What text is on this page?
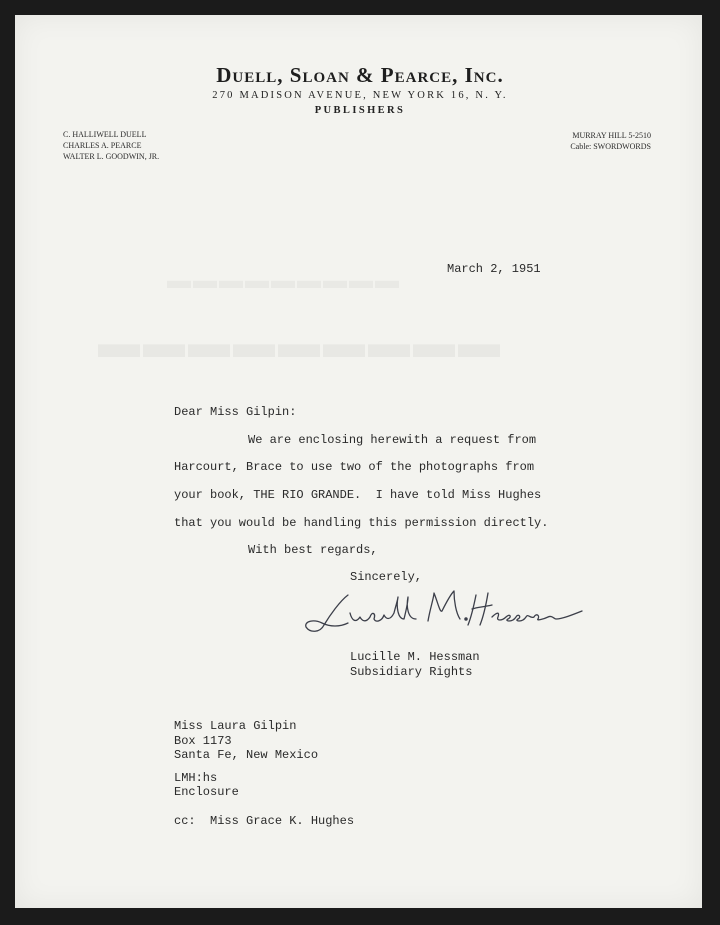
Duell, Sloan & Pearce, Inc.
270 MADISON AVENUE, NEW YORK 16, N. Y.
PUBLISHERS
C. HALLIWELL DUELL
CHARLES A. PEARCE
WALTER L. GOODWIN, JR.
MURRAY HILL 5-2510
Cable: SWORDWORDS
March 2, 1951
Dear Miss Gilpin:
We are enclosing herewith a request from
Harcourt, Brace to use two of the photographs from
your book, THE RIO GRANDE.  I have told Miss Hughes
that you would be handling this permission directly.
With best regards,
Sincerely,
Lucille M. Hessman
Subsidiary Rights
Miss Laura Gilpin
Box 1173
Santa Fe, New Mexico
LMH:hs
Enclosure
cc:  Miss Grace K. Hughes
